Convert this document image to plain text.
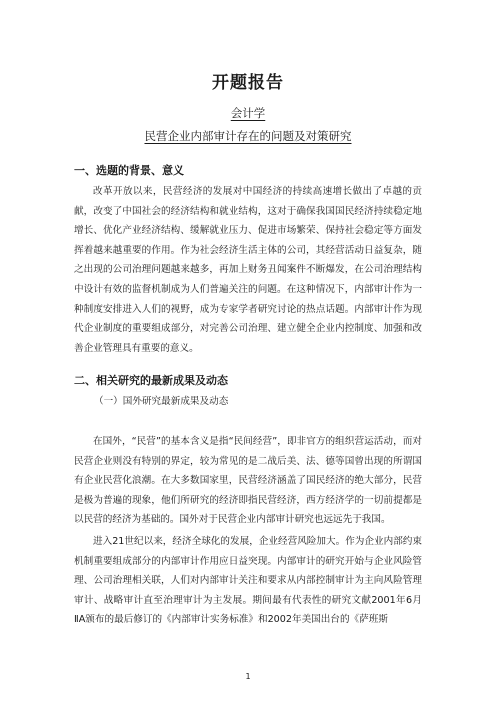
开题报告
会计学
民营企业内部审计存在的问题及对策研究
一、选题的背景、意义
改革开放以来，民营经济的发展对中国经济的持续高速增长做出了卓越的贡献，改变了中国社会的经济结构和就业结构，这对于确保我国国民经济持续稳定地增长、优化产业经济结构、缓解就业压力、促进市场繁荣、保持社会稳定等方面发挥着越来越重要的作用。作为社会经济生活主体的公司，其经营活动日益复杂，随之出现的公司治理问题越来越多，再加上财务丑闻案件不断爆发，在公司治理结构中设计有效的监督机制成为人们普遍关注的问题。在这种情况下，内部审计作为一种制度安排进入人们的视野，成为专家学者研究讨论的热点话题。内部审计作为现代企业制度的重要组成部分，对完善公司治理、建立健全企业内控制度、加强和改善企业管理具有重要的意义。
二、相关研究的最新成果及动态
（一）国外研究最新成果及动态
在国外，“民营”的基本含义是指“民间经营”，即非官方的组织营运活动，而对民营企业则没有特别的界定，较为常见的是二战后美、法、德等国曾出现的所谓国有企业民营化浪潮。在大多数国家里，民营经济涵盖了国民经济的绝大部分，民营是极为普遍的现象，他们所研究的经济即指民营经济，西方经济学的一切前提都是以民营的经济为基础的。国外对于民营企业内部审计研究也远远先于我国。
进入21世纪以来，经济全球化的发展，企业经营风险加大。作为企业内部约束机制重要组成部分的内部审计作用应日益突现。内部审计的研究开始与企业风险管理、公司治理相关联，人们对内部审计关注和要求从内部控制审计为主向风险管理审计、战略审计直至治理审计为主发展。期间最有代表性的研究文献2001年6月ⅡA颁布的最后修订的《内部审计实务标准》和2002年美国出台的《萨班斯
1
